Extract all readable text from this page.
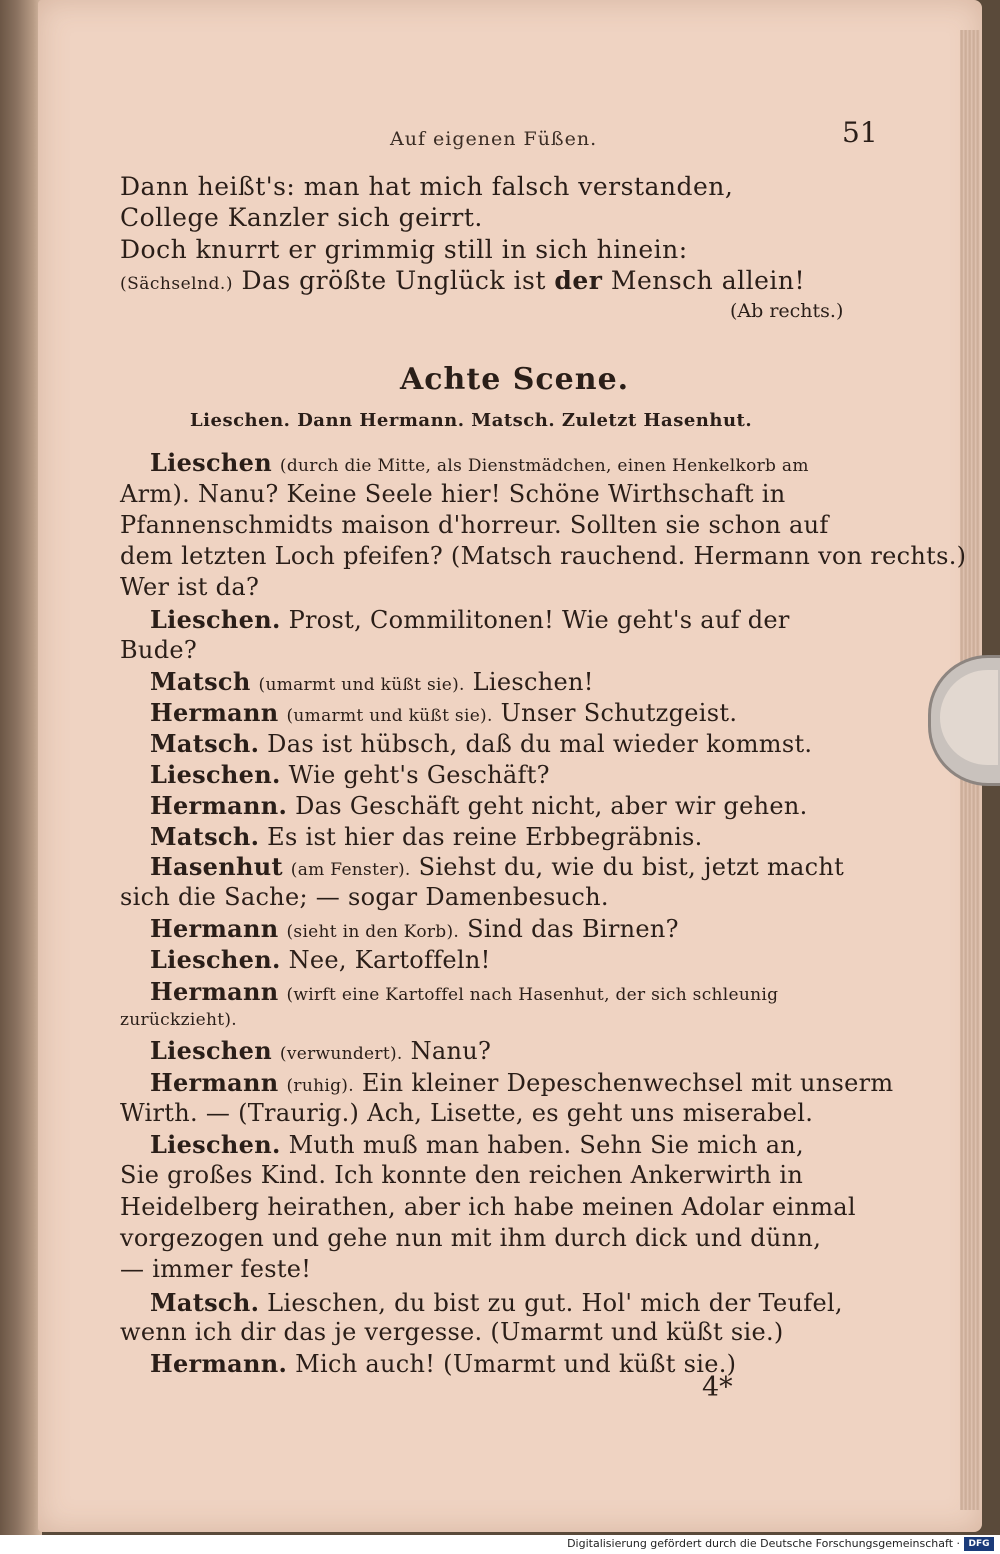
Auf eigenen Füßen.	51
Dann heißt's: man hat mich falsch verstanden,
College Kanzler sich geirrt.
Doch knurrt er grimmig still in sich hinein:
(Sächselnd.) Das größte Unglück ist der Mensch allein!
(Ab rechts.)
Achte Scene.
Lieschen. Dann Hermann. Matsch. Zuletzt Hasenhut.
Lieschen (durch die Mitte, als Dienstmädchen, einen Henkelkorb am
Arm). Nanu? Keine Seele hier! Schöne Wirthschaft in
Pfannenschmidts maison d'horreur. Sollten sie schon auf
dem letzten Loch pfeifen? (Matsch rauchend. Hermann von rechts.)
Wer ist da?
Lieschen. Prost, Commilitonen! Wie geht's auf der
Bude?
Matsch (umarmt und küßt sie). Lieschen!
Hermann (umarmt und küßt sie). Unser Schutzgeist.
Matsch. Das ist hübsch, daß du mal wieder kommst.
Lieschen. Wie geht's Geschäft?
Hermann. Das Geschäft geht nicht, aber wir gehen.
Matsch. Es ist hier das reine Erbbegräbnis.
Hasenhut (am Fenster). Siehst du, wie du bist, jetzt macht
sich die Sache; — sogar Damenbesuch.
Hermann (sieht in den Korb). Sind das Birnen?
Lieschen. Nee, Kartoffeln!
Hermann (wirft eine Kartoffel nach Hasenhut, der sich schleunig
zurückzieht).
Lieschen (verwundert). Nanu?
Hermann (ruhig). Ein kleiner Depeschenwechsel mit unserm
Wirth. — (Traurig.) Ach, Lisette, es geht uns miserabel.
Lieschen. Muth muß man haben. Sehn Sie mich an,
Sie großes Kind. Ich konnte den reichen Ankerwirth in
Heidelberg heirathen, aber ich habe meinen Adolar einmal
vorgezogen und gehe nun mit ihm durch dick und dünn,
— immer feste!
Matsch. Lieschen, du bist zu gut. Hol' mich der Teufel,
wenn ich dir das je vergesse. (Umarmt und küßt sie.)
Hermann. Mich auch! (Umarmt und küßt sie.)
4*
Digitalisierung gefördert durch die Deutsche Forschungsgemeinschaft · DFG
